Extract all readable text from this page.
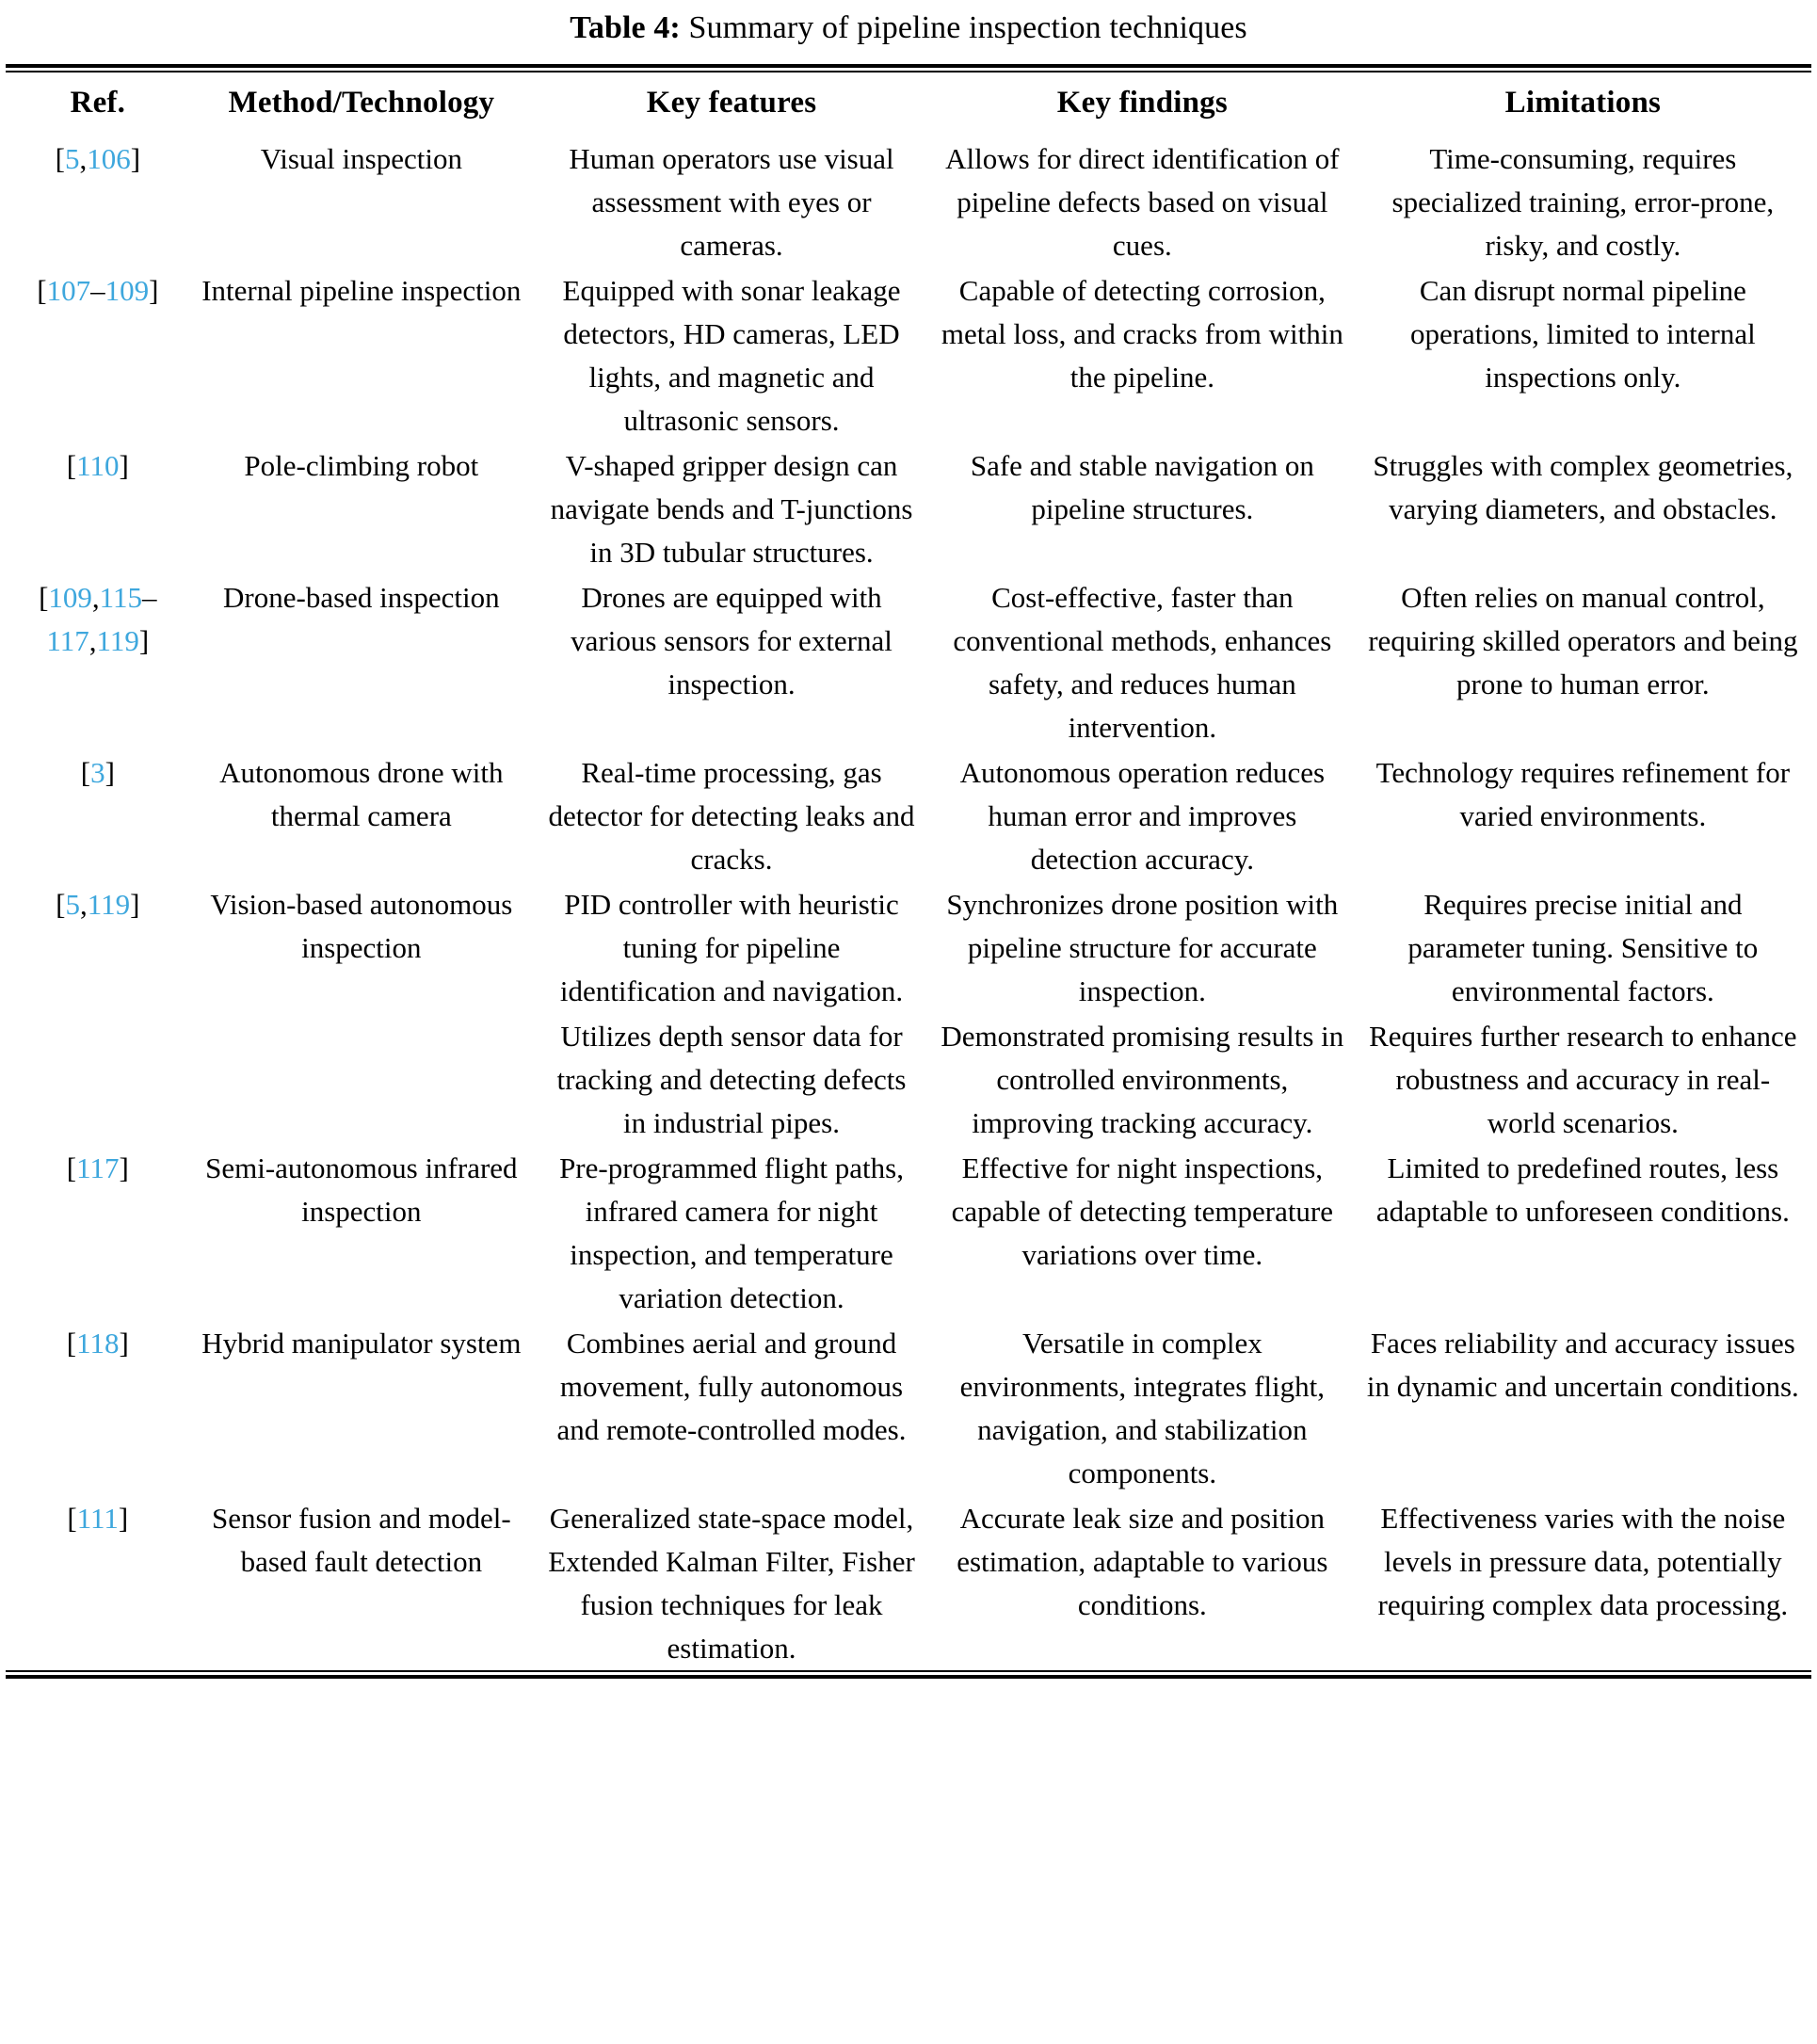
Table 4: Summary of pipeline inspection techniques
Ref.	Method/Technology	Key features	Key findings	Limitations
[5,106]	Visual inspection	Human operators use visual assessment with eyes or cameras.	Allows for direct identification of pipeline defects based on visual cues.	Time-consuming, requires specialized training, error-prone, risky, and costly.
[107–109]	Internal pipeline inspection	Equipped with sonar leakage detectors, HD cameras, LED lights, and magnetic and ultrasonic sensors.	Capable of detecting corrosion, metal loss, and cracks from within the pipeline.	Can disrupt normal pipeline operations, limited to internal inspections only.
[110]	Pole-climbing robot	V-shaped gripper design can navigate bends and T-junctions in 3D tubular structures.	Safe and stable navigation on pipeline structures.	Struggles with complex geometries, varying diameters, and obstacles.
[109,115–117,119]	Drone-based inspection	Drones are equipped with various sensors for external inspection.	Cost-effective, faster than conventional methods, enhances safety, and reduces human intervention.	Often relies on manual control, requiring skilled operators and being prone to human error.
[3]	Autonomous drone with thermal camera	Real-time processing, gas detector for detecting leaks and cracks.	Autonomous operation reduces human error and improves detection accuracy.	Technology requires refinement for varied environments.
[5,119]	Vision-based autonomous inspection	PID controller with heuristic tuning for pipeline identification and navigation.	Synchronizes drone position with pipeline structure for accurate inspection.	Requires precise initial and parameter tuning. Sensitive to environmental factors.
		Utilizes depth sensor data for tracking and detecting defects in industrial pipes.	Demonstrated promising results in controlled environments, improving tracking accuracy.	Requires further research to enhance robustness and accuracy in real-world scenarios.
[117]	Semi-autonomous infrared inspection	Pre-programmed flight paths, infrared camera for night inspection, and temperature variation detection.	Effective for night inspections, capable of detecting temperature variations over time.	Limited to predefined routes, less adaptable to unforeseen conditions.
[118]	Hybrid manipulator system	Combines aerial and ground movement, fully autonomous and remote-controlled modes.	Versatile in complex environments, integrates flight, navigation, and stabilization components.	Faces reliability and accuracy issues in dynamic and uncertain conditions.
[111]	Sensor fusion and model-based fault detection	Generalized state-space model, Extended Kalman Filter, Fisher fusion techniques for leak estimation.	Accurate leak size and position estimation, adaptable to various conditions.	Effectiveness varies with the noise levels in pressure data, potentially requiring complex data processing.
